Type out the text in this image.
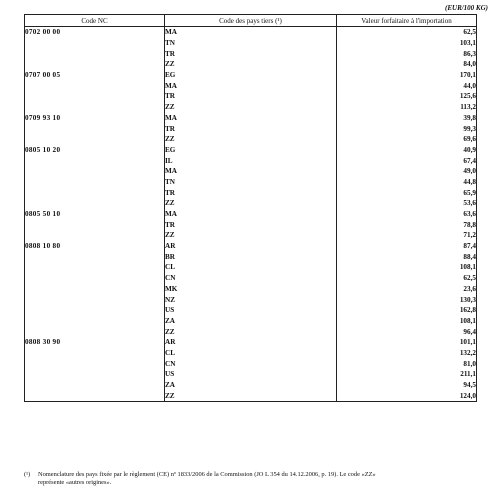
(EUR/100 KG)
Code NC	Code des pays tiers (¹)	Valeur forfaitaire à l'importation
0702 00 00	MA	62,5
	TN	103,1
	TR	86,3
	ZZ	84,0
0707 00 05	EG	170,1
	MA	44,0
	TR	125,6
	ZZ	113,2
0709 93 10	MA	39,8
	TR	99,3
	ZZ	69,6
0805 10 20	EG	40,9
	IL	67,4
	MA	49,0
	TN	44,8
	TR	65,9
	ZZ	53,6
0805 50 10	MA	63,6
	TR	78,8
	ZZ	71,2
0808 10 80	AR	87,4
	BR	88,4
	CL	108,1
	CN	62,5
	MK	23,6
	NZ	130,3
	US	162,8
	ZA	108,1
	ZZ	96,4
0808 30 90	AR	101,1
	CL	132,2
	CN	81,0
	US	211,1
	ZA	94,5
	ZZ	124,0
(¹) Nomenclature des pays fixée par le règlement (CE) nº 1833/2006 de la Commission (JO L 354 du 14.12.2006, p. 19). Le code «ZZ»
représente «autres origines».
